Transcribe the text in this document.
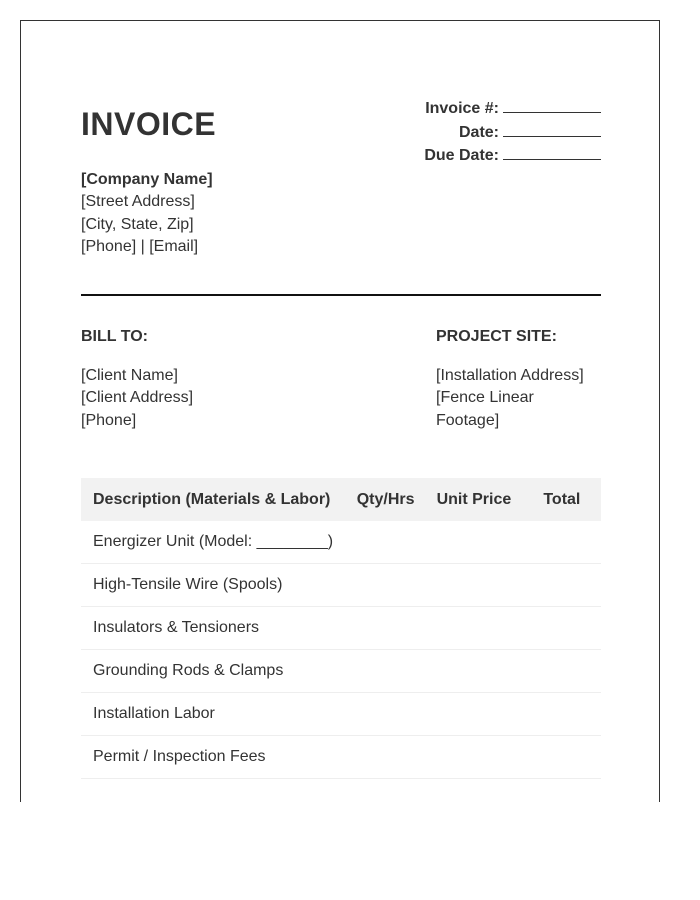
INVOICE	Invoice #:
Date:
Due Date:
[Company Name]
[Street Address]
[City, State, Zip]
[Phone] | [Email]
BILL TO:	PROJECT SITE:
[Client Name]
[Client Address]
[Phone]
[Installation Address]
[Fence Linear Footage]
Description (Materials & Labor)	Qty/Hrs	Unit Price	Total
Energizer Unit (Model: ________)			
High-Tensile Wire (Spools)			
Insulators & Tensioners			
Grounding Rods & Clamps			
Installation Labor			
Permit / Inspection Fees			
